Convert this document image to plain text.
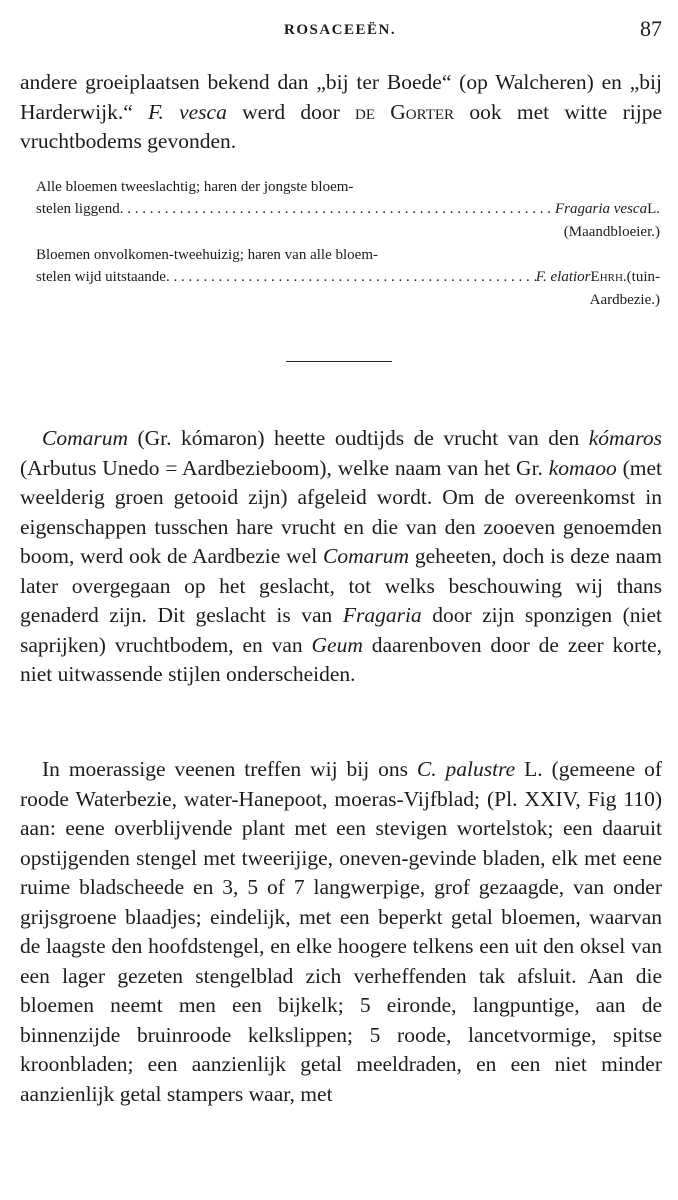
ROSACEEËN.	87

andere groeiplaatsen bekend dan „bij ter Boede“ (op Walcheren) en „bij Harderwijk.“ F. vesca werd door de Gorter ook met witte rijpe vruchtbodems gevonden.

Alle bloemen tweeslachtig; haren der jongste bloem-
stelen liggend . . .	Fragaria vesca L.
(Maandbloeier.)
Bloemen onvolkomen-tweehuizig; haren van alle bloem-
stelen wijd uitstaande . . .	F. elatior Ehrh. (tuin-
Aardbezie.)

Comarum (Gr. kómaron) heette oudtijds de vrucht van den kómaros (Arbutus Unedo = Aardbezieboom), welke naam van het Gr. komaoo (met weelderig groen getooid zijn) afgeleid wordt. Om de overeenkomst in eigenschappen tusschen hare vrucht en die van den zooeven genoemden boom, werd ook de Aardbezie wel Comarum geheeten, doch is deze naam later overgegaan op het geslacht, tot welks beschouwing wij thans genaderd zijn. Dit geslacht is van Fragaria door zijn sponzigen (niet saprijken) vruchtbodem, en van Geum daarenboven door de zeer korte, niet uitwassende stijlen onderscheiden.

In moerassige veenen treffen wij bij ons C. palustre L. (gemeene of roode Waterbezie, water-Hanepoot, moeras-Vijfblad; (Pl. XXIV, Fig 110) aan: eene overblijvende plant met een stevigen wortelstok; een daaruit opstijgenden stengel met tweerijige, oneven-gevinde bladen, elk met eene ruime bladscheede en 3, 5 of 7 langwerpige, grof gezaagde, van onder grijsgroene blaadjes; eindelijk, met een beperkt getal bloemen, waarvan de laagste den hoofdstengel, en elke hoogere telkens een uit den oksel van een lager gezeten stengelblad zich verheffenden tak afsluit. Aan die bloemen neemt men een bijkelk; 5 eironde, langpuntige, aan de binnenzijde bruinroode kelkslippen; 5 roode, lancetvormige, spitse kroonbladen; een aanzienlijk getal meeldraden, en een niet minder aanzienlijk getal stampers waar, met
